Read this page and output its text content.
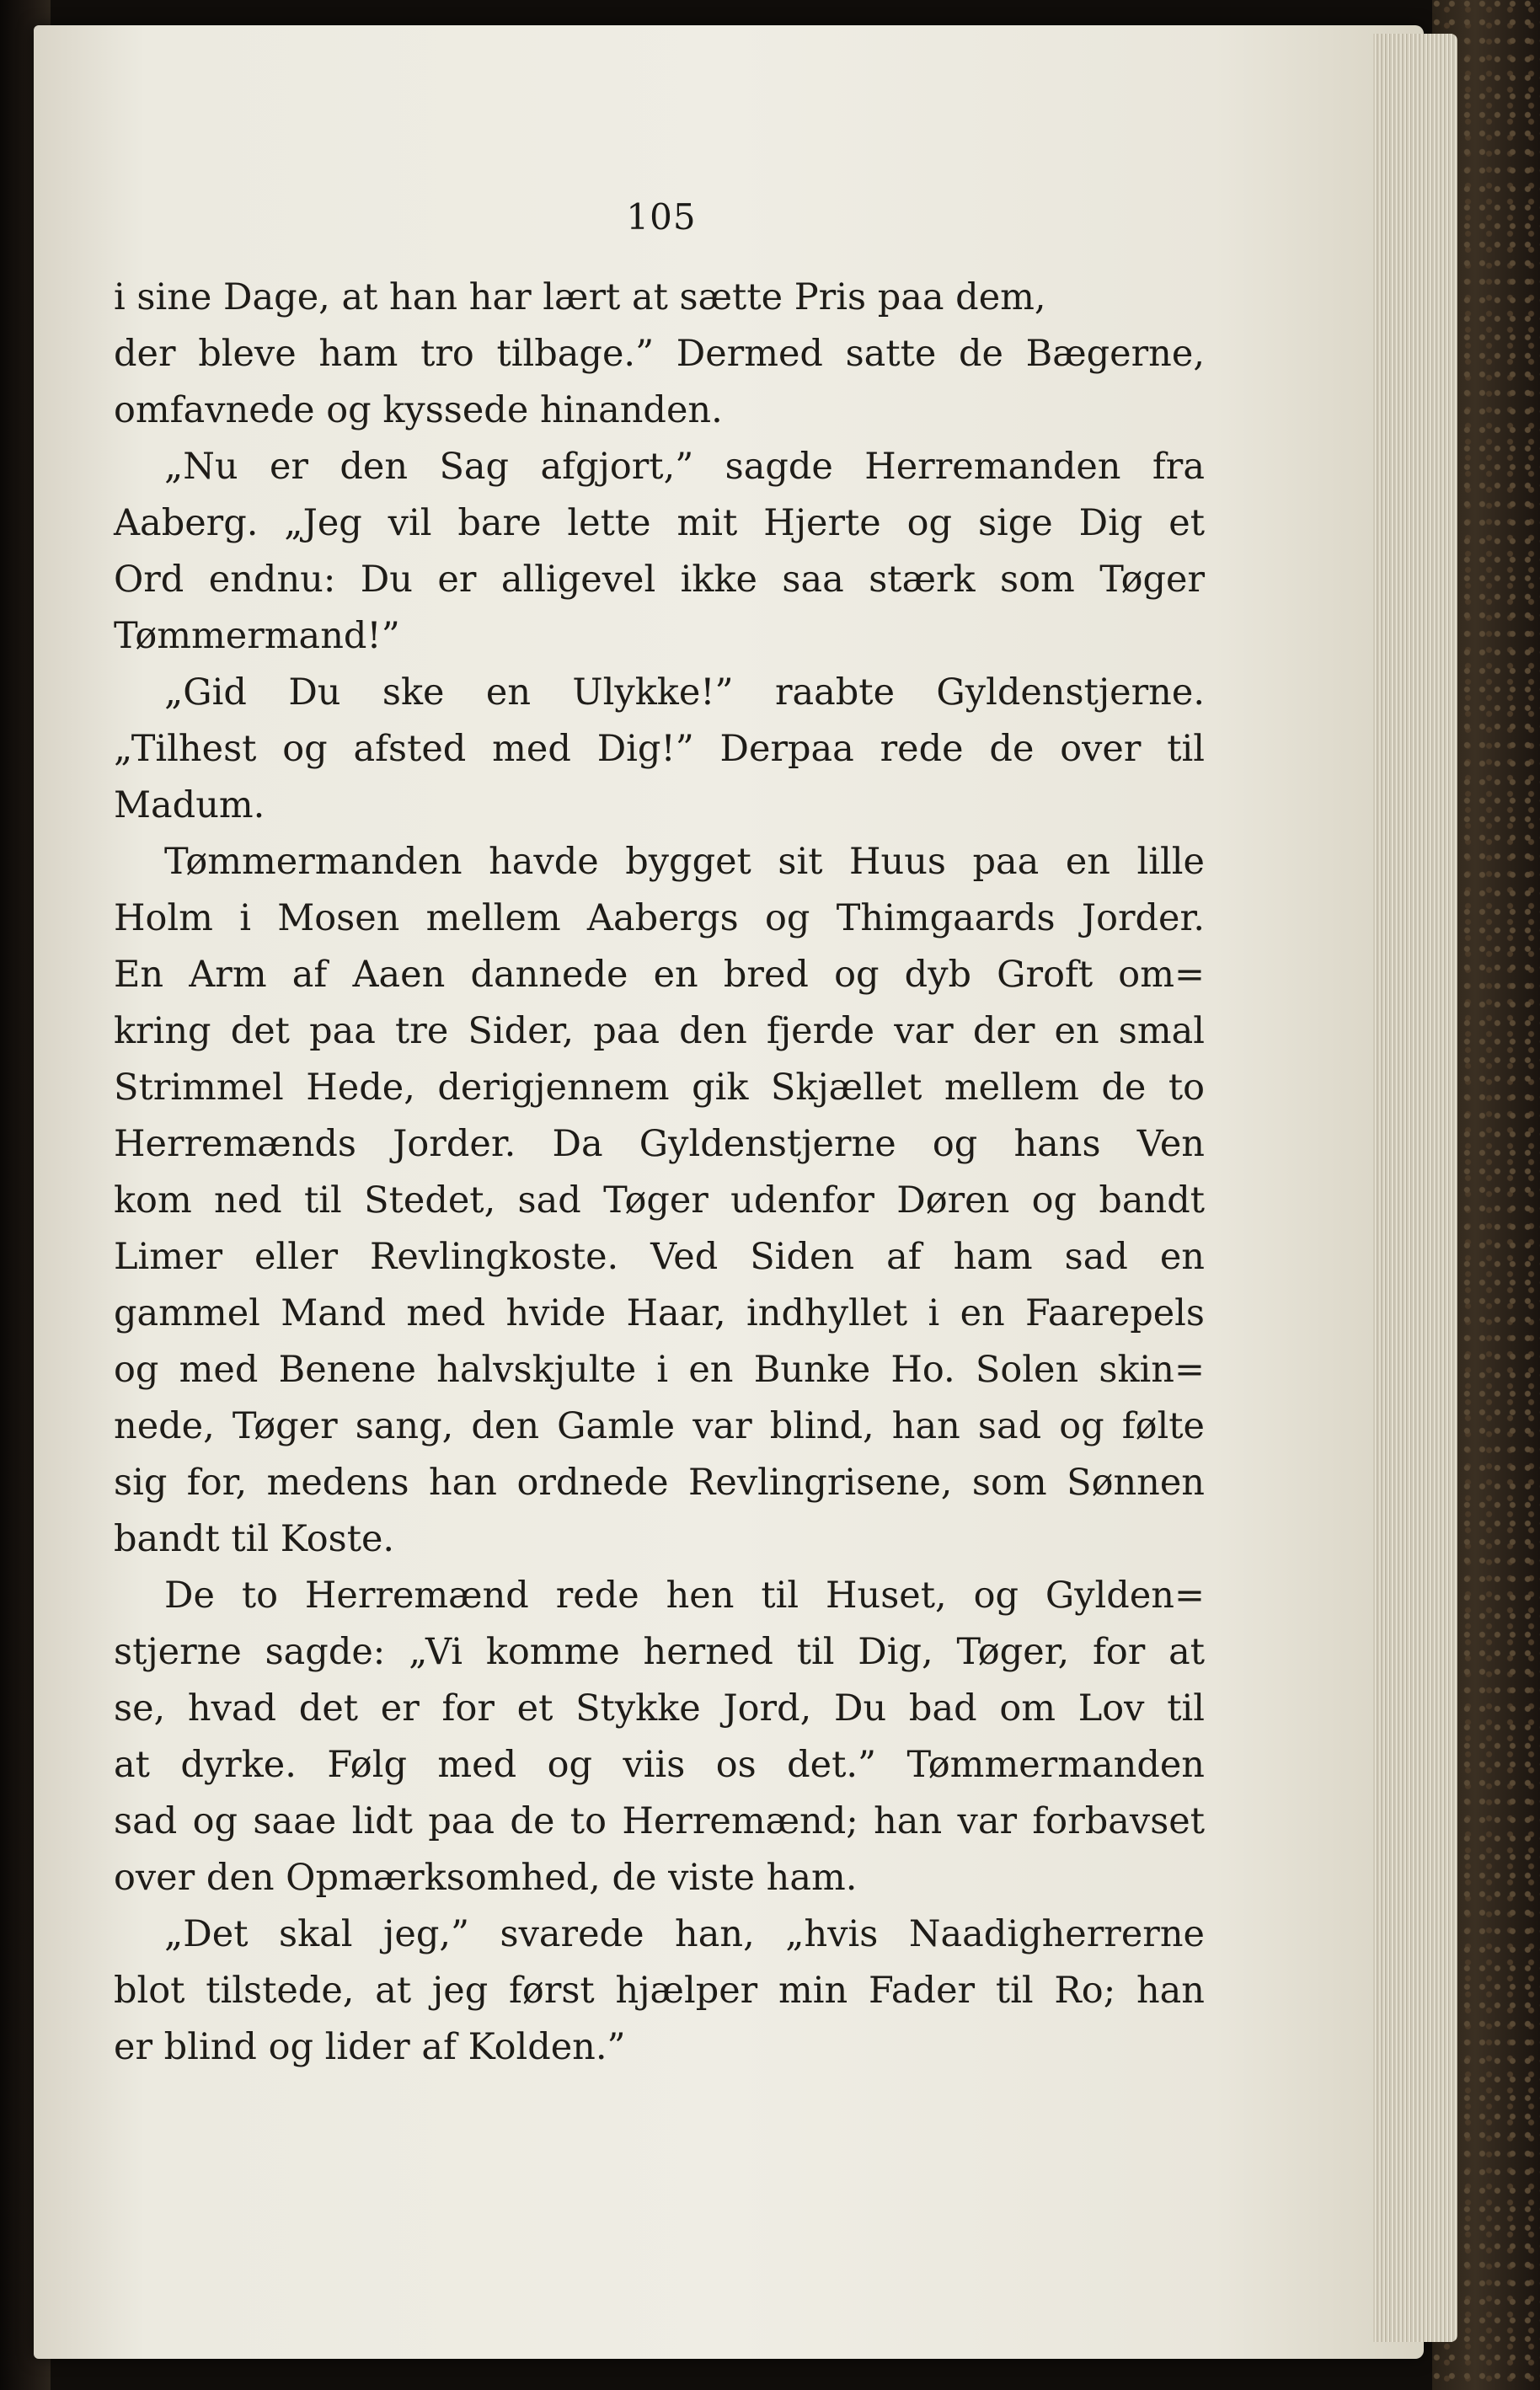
105
i sine Dage, at han har lært at sætte Pris paa dem,
der bleve ham tro tilbage.” Dermed satte de Bægerne,
omfavnede og kyssede hinanden.
„Nu er den Sag afgjort,” sagde Herremanden fra
Aaberg. „Jeg vil bare lette mit Hjerte og sige Dig et
Ord endnu: Du er alligevel ikke saa stærk som Tøger
Tømmermand!”
„Gid Du ske en Ulykke!” raabte Gyldenstjerne.
„Tilhest og afsted med Dig!” Derpaa rede de over til
Madum.
Tømmermanden havde bygget sit Huus paa en lille
Holm i Mosen mellem Aabergs og Thimgaards Jorder.
En Arm af Aaen dannede en bred og dyb Groft om=
kring det paa tre Sider, paa den fjerde var der en smal
Strimmel Hede, derigjennem gik Skjællet mellem de to
Herremænds Jorder. Da Gyldenstjerne og hans Ven
kom ned til Stedet, sad Tøger udenfor Døren og bandt
Limer eller Revlingkoste. Ved Siden af ham sad en
gammel Mand med hvide Haar, indhyllet i en Faarepels
og med Benene halvskjulte i en Bunke Ho. Solen skin=
nede, Tøger sang, den Gamle var blind, han sad og følte
sig for, medens han ordnede Revlingrisene, som Sønnen
bandt til Koste.
De to Herremænd rede hen til Huset, og Gylden=
stjerne sagde: „Vi komme herned til Dig, Tøger, for at
se, hvad det er for et Stykke Jord, Du bad om Lov til
at dyrke. Følg med og viis os det.” Tømmermanden
sad og saae lidt paa de to Herremænd; han var forbavset
over den Opmærksomhed, de viste ham.
„Det skal jeg,” svarede han, „hvis Naadigherrerne
blot tilstede, at jeg først hjælper min Fader til Ro; han
er blind og lider af Kolden.”
